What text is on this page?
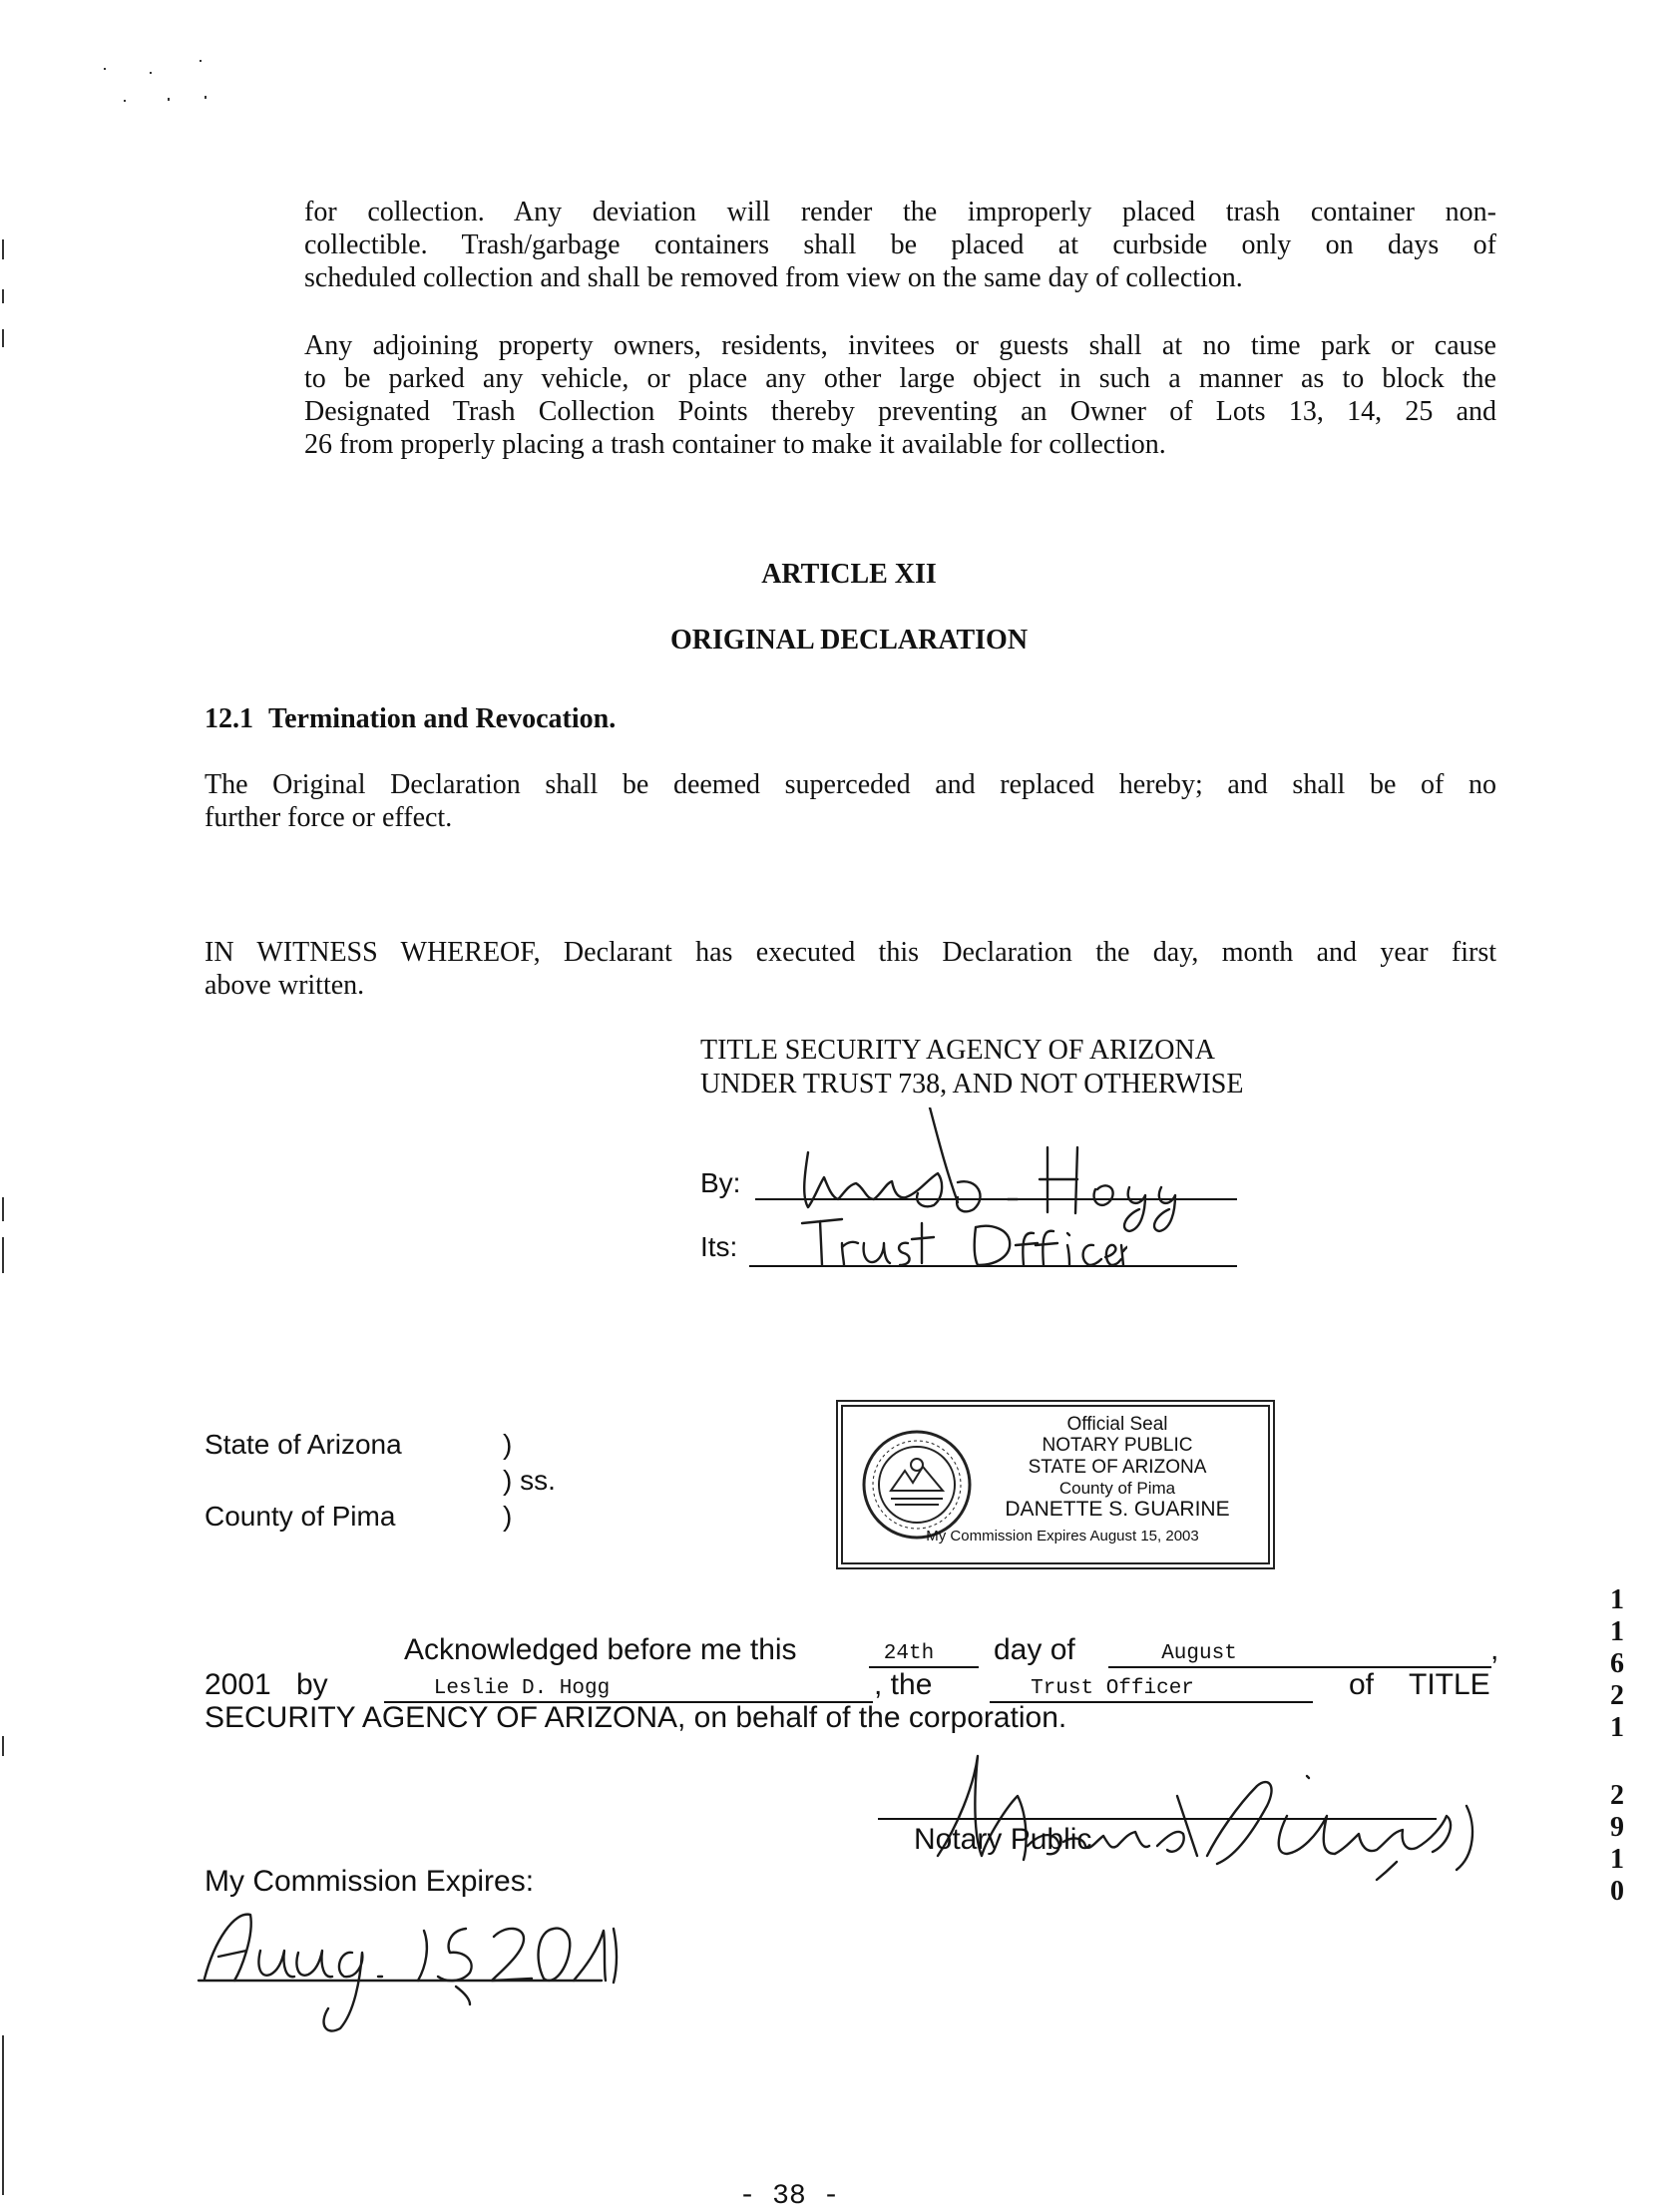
for collection. Any deviation will render the improperly placed trash container non-
collectible. Trash/garbage containers shall be placed at curbside only on days of
scheduled collection and shall be removed from view on the same day of collection.
Any adjoining property owners, residents, invitees or guests shall at no time park or cause
to be parked any vehicle, or place any other large object in such a manner as to block the
Designated Trash Collection Points thereby preventing an Owner of Lots 13, 14, 25 and
26 from properly placing a trash container to make it available for collection.
ARTICLE XII
ORIGINAL DECLARATION
12.1 Termination and Revocation.
The Original Declaration shall be deemed superceded and replaced hereby; and shall be of no
further force or effect.
IN WITNESS WHEREOF, Declarant has executed this Declaration the day, month and year first
above written.
TITLE SECURITY AGENCY OF ARIZONA
UNDER TRUST 738, AND NOT OTHERWISE
By:
Its:
State of Arizona
County of Pima
)
) ss.
)
Official Seal
NOTARY PUBLIC
STATE OF ARIZONA
County of Pima
DANETTE S. GUARINE
My Commission Expires August 15, 2003
Acknowledged before me this	24th	day of	August	,
2001 by	Leslie D. Hogg	, the	Trust Officer	of TITLE
SECURITY AGENCY OF ARIZONA, on behalf of the corporation.
Notary Public
My Commission Expires:
- 38 -
1
1
6
2
1
2
9
1
0
